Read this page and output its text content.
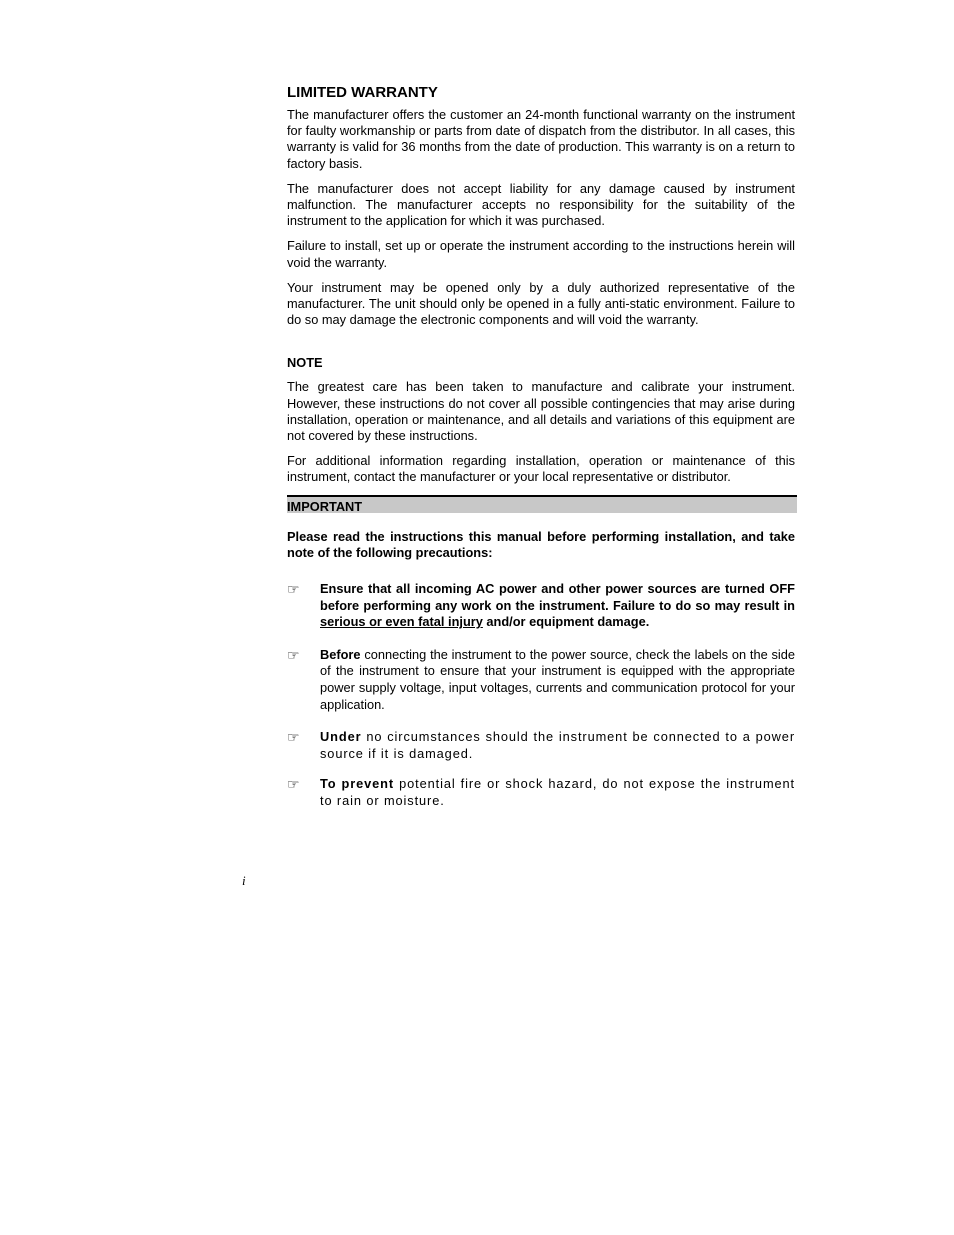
LIMITED WARRANTY

The manufacturer offers the customer an 24-month functional warranty on the instrument for faulty workmanship or parts from date of dispatch from the distributor. In all cases, this warranty is valid for 36 months from the date of production. This warranty is on a return to factory basis.

The manufacturer does not accept liability for any damage caused by instrument malfunction. The manufacturer accepts no responsibility for the suitability of the instrument to the application for which it was purchased.

Failure to install, set up or operate the instrument according to the instructions herein will void the warranty.

Your instrument may be opened only by a duly authorized representative of the manufacturer. The unit should only be opened in a fully anti-static environment. Failure to do so may damage the electronic components and will void the warranty.

NOTE

The greatest care has been taken to manufacture and calibrate your instrument. However, these instructions do not cover all possible contingencies that may arise during installation, operation or maintenance, and all details and variations of this equipment are not covered by these instructions.

For additional information regarding installation, operation or maintenance of this instrument, contact the manufacturer or your local representative or distributor.

IMPORTANT

Please read the instructions this manual before performing installation, and take note of the following precautions:

☞	Ensure that all incoming AC power and other power sources are turned OFF before performing any work on the instrument. Failure to do so may result in serious or even fatal injury and/or equipment damage.
☞	Before connecting the instrument to the power source, check the labels on the side of the instrument to ensure that your instrument is equipped with the appropriate power supply voltage, input voltages, currents and communication protocol for your application.
☞	Under no circumstances should the instrument be connected to a power source if it is damaged.
☞	To prevent potential fire or shock hazard, do not expose the instrument to rain or moisture.
i
